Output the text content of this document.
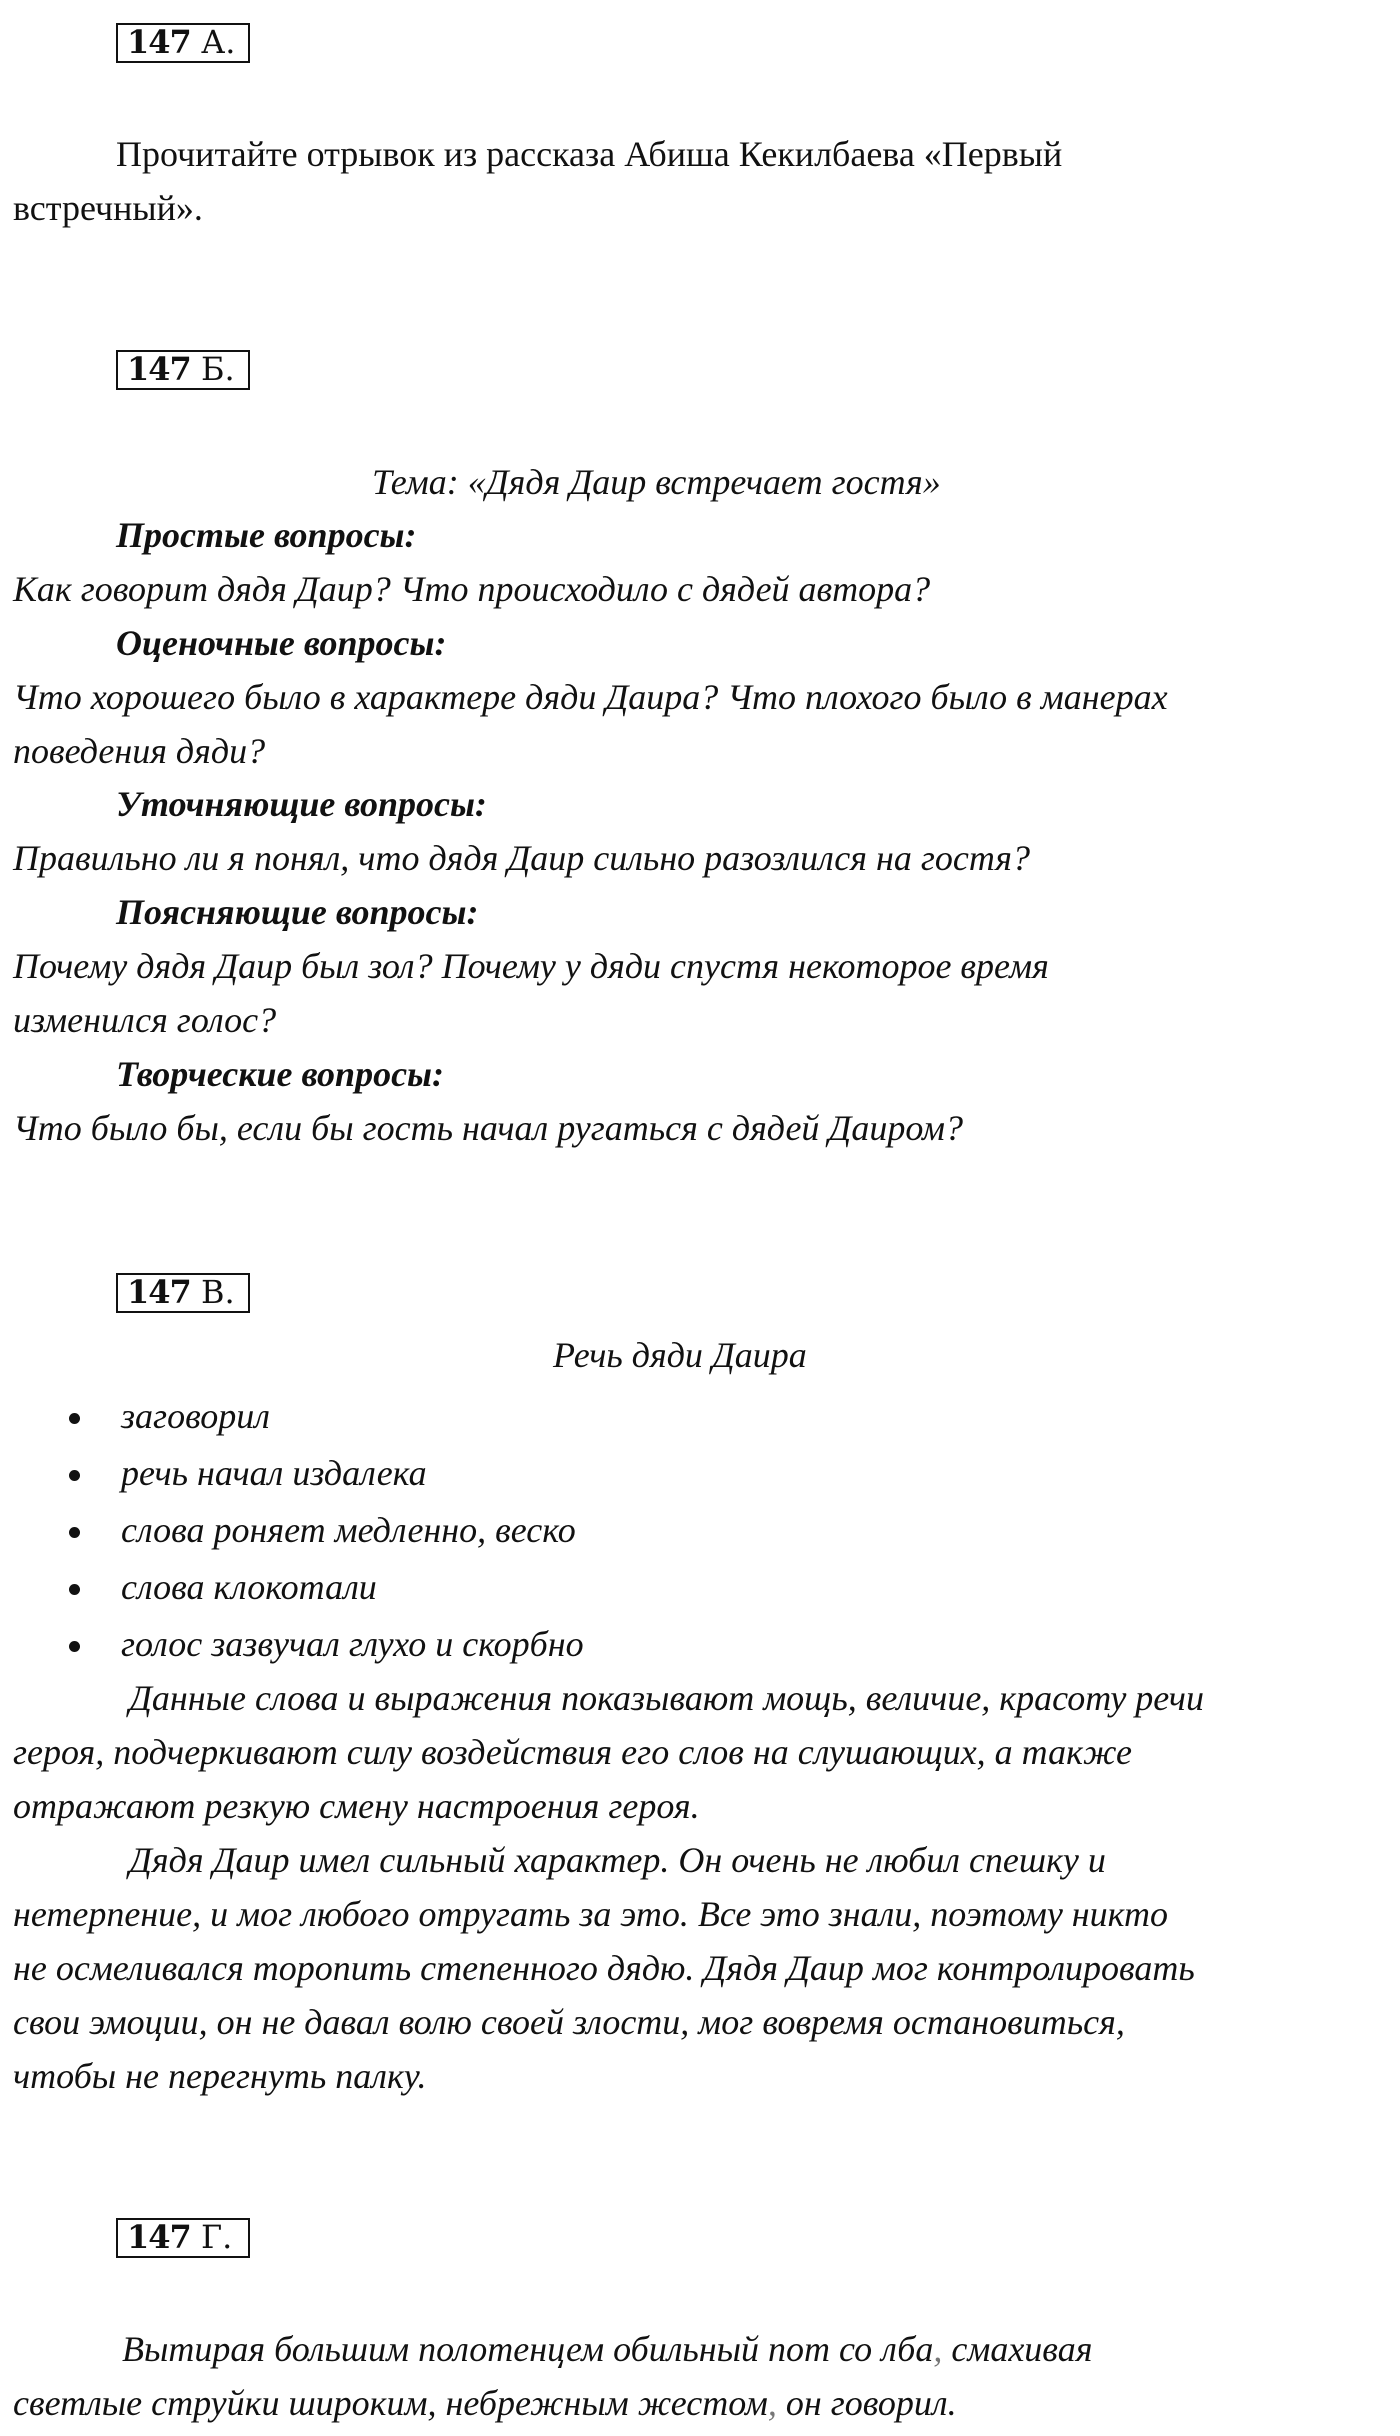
147 А.
Прочитайте отрывок из рассказа Абиша Кекилбаева «Первый
встречный».
147 Б.
Тема: «Дядя Даир встречает гостя»
Простые вопросы:
Как говорит дядя Даир? Что происходило с дядей автора?
Оценочные вопросы:
Что хорошего было в характере дяди Даира? Что плохого было в манерах
поведения дяди?
Уточняющие вопросы:
Правильно ли я понял, что дядя Даир сильно разозлился на гостя?
Поясняющие вопросы:
Почему дядя Даир был зол? Почему у дяди спустя некоторое время
изменился голос?
Творческие вопросы:
Что было бы, если бы гость начал ругаться с дядей Даиром?
147 В.
Речь дяди Даира
заговорил
речь начал издалека
слова роняет медленно, веско
слова клокотали
голос зазвучал глухо и скорбно
Данные слова и выражения показывают мощь, величие, красоту речи
героя, подчеркивают силу воздействия его слов на слушающих, а также
отражают резкую смену настроения героя.
Дядя Даир имел сильный характер. Он очень не любил спешку и
нетерпение, и мог любого отругать за это. Все это знали, поэтому никто
не осмеливался торопить степенного дядю. Дядя Даир мог контролировать
свои эмоции, он не давал волю своей злости, мог вовремя остановиться,
чтобы не перегнуть палку.
147 Г.
Вытирая большим полотенцем обильный пот со лба, смахивая
светлые струйки широким, небрежным жестом, он говорил.
